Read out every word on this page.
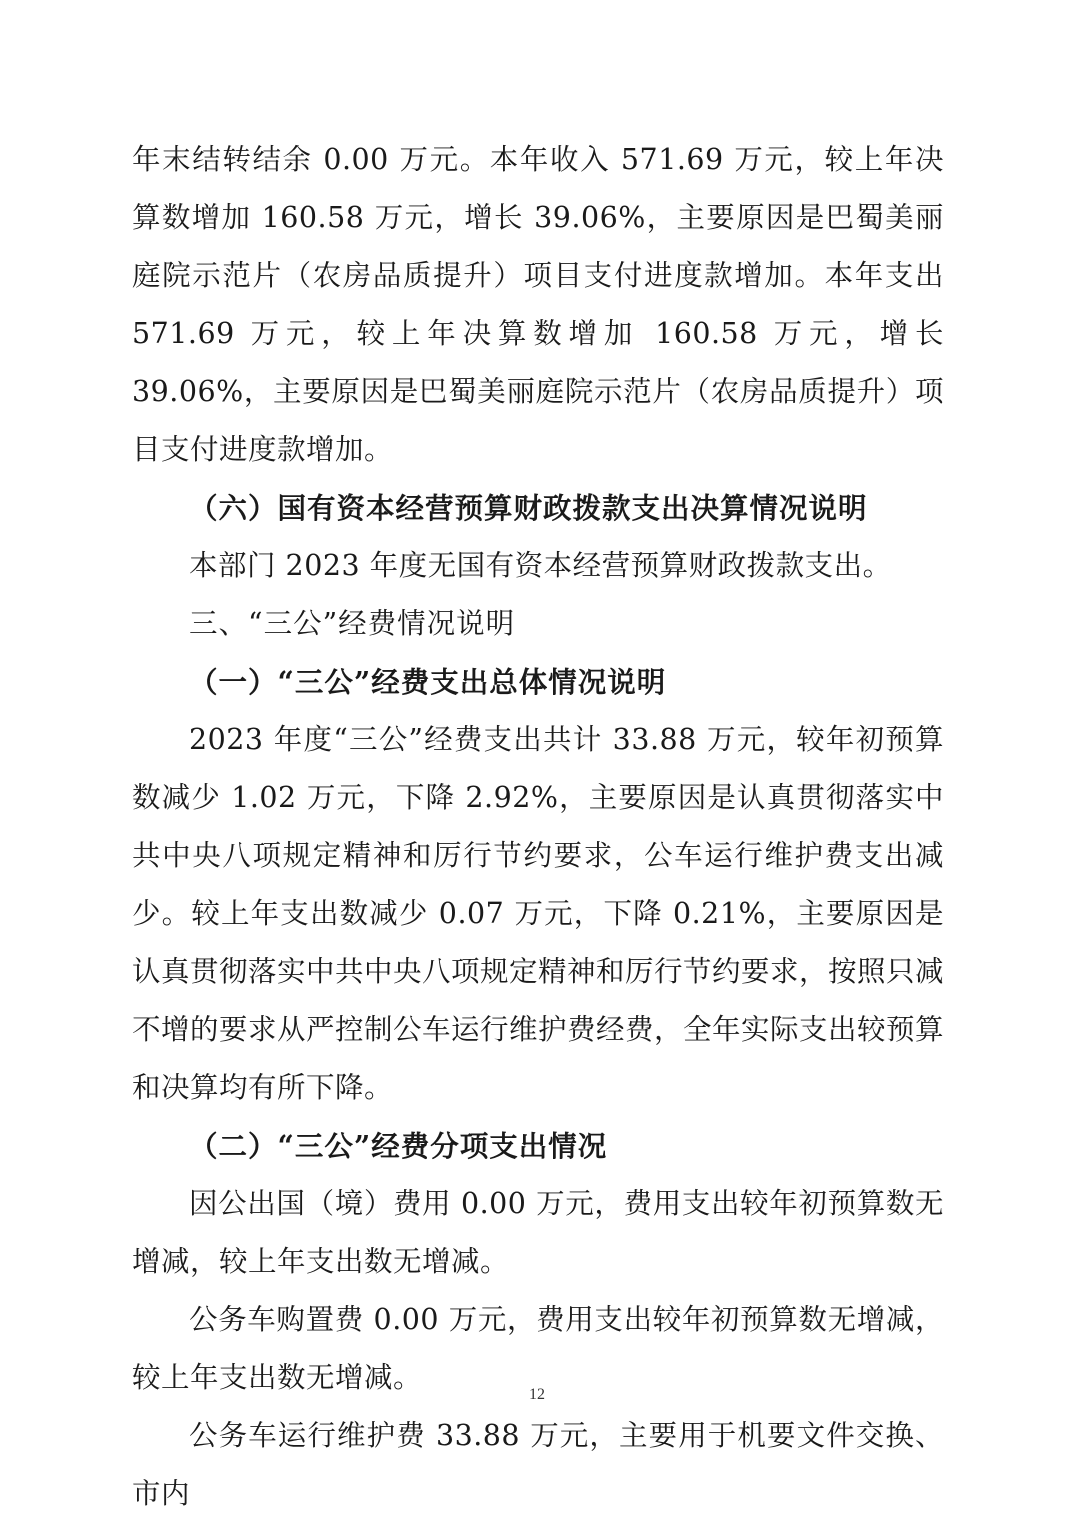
年末结转结余 0.00 万元。本年收入 571.69 万元，较上年决算数增加 160.58 万元，增长 39.06%，主要原因是巴蜀美丽庭院示范片（农房品质提升）项目支付进度款增加。本年支出 571.69 万元，较上年决算数增加 160.58 万元，增长 39.06%，主要原因是巴蜀美丽庭院示范片（农房品质提升）项目支付进度款增加。

（六）国有资本经营预算财政拨款支出决算情况说明

本部门 2023 年度无国有资本经营预算财政拨款支出。

三、“三公”经费情况说明

（一）“三公”经费支出总体情况说明

2023 年度“三公”经费支出共计 33.88 万元，较年初预算数减少 1.02 万元，下降 2.92%，主要原因是认真贯彻落实中共中央八项规定精神和厉行节约要求，公车运行维护费支出减少。较上年支出数减少 0.07 万元，下降 0.21%，主要原因是认真贯彻落实中共中央八项规定精神和厉行节约要求，按照只减不增的要求从严控制公车运行维护费经费，全年实际支出较预算和决算均有所下降。

（二）“三公”经费分项支出情况

因公出国（境）费用 0.00 万元，费用支出较年初预算数无增减，较上年支出数无增减。

公务车购置费 0.00 万元，费用支出较年初预算数无增减，较上年支出数无增减。

公务车运行维护费 33.88 万元，主要用于机要文件交换、市内

12
